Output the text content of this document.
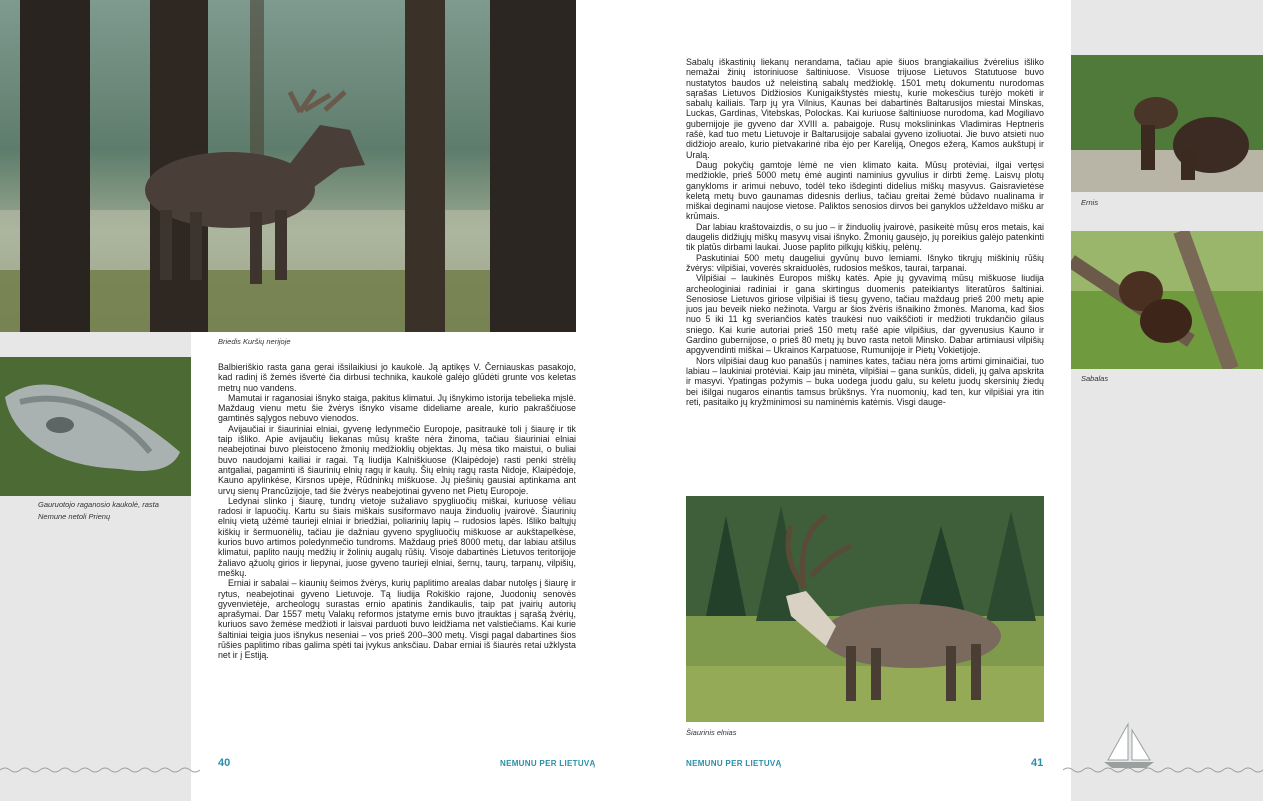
Briedis Kuršių nerijoje
Gauruotojo raganosio kaukolė, rasta
Nemune netoli Prienų

Balbieriškio rasta gana gerai išsilaikiusi jo kaukolė. Ją aptikęs V. Černiauskas pasakojo, kad radinį iš žemės išvertė čia dirbusi technika, kaukolė galėjo glūdėti grunte vos keletas metrų nuo vandens.

Mamutai ir raganosiai išnyko staiga, pakitus klimatui. Jų išnykimo istorija tebelieka mįslė. Maždaug vienu metu šie žvėrys išnyko visame dideliame areale, kurio pakraščiuose gamtinės sąlygos nebuvo vienodos.

Avijaučiai ir šiauriniai elniai, gyvenę ledynmečio Europoje, pasitraukė toli į šiaurę ir tik taip išliko. Apie avijaučių liekanas mūsų krašte nėra žinoma, tačiau šiauriniai elniai neabejotinai buvo pleistoceno žmonių medžioklių objektas. Jų mėsa tiko maistui, o buliai buvo naudojami kailiai ir ragai. Tą liudija Kalniškiuose (Klaipėdoje) rasti penki strėlių antgaliai, pagaminti iš šiaurinių elnių ragų ir kaulų. Šių elnių ragų rasta Nidoje, Klaipėdoje, Kauno apylinkėse, Kirsnos upėje, Rūdninkų miškuose. Jų piešinių gausiai aptinkama ant urvų sienų Prancūzijoje, tad šie žvėrys neabejotinai gyveno net Pietų Europoje.

Ledynai slinko į šiaurę, tundrų vietoje sužaliavo spygliuočių miškai, kuriuose vėliau radosi ir lapuočių. Kartu su šiais miškais susiformavo nauja žinduolių įvairovė. Šiaurinių elnių vietą užėmė taurieji elniai ir briedžiai, poliarinių lapių – rudosios lapės. Išliko baltųjų kiškių ir šermuonėlių, tačiau jie dažniau gyveno spygliuočių miškuose ar aukštapelkėse, kurios buvo artimos poledynmečio tundroms. Maždaug prieš 8000 metų, dar labiau atšilus klimatui, paplito naujų medžių ir žolinių augalų rūšių. Visoje dabartinės Lietuvos teritorijoje žaliavo ąžuolų girios ir liepynai, juose gyveno taurieji elniai, šernų, taurų, tarpanų, vilpišių, meškų.

Erniai ir sabalai – kiaunių šeimos žvėrys, kurių paplitimo arealas dabar nutolęs į šiaurę ir rytus, neabejotinai gyveno Lietuvoje. Tą liudija Rokiškio rajone, Juodonių senovės gyvenvietėje, archeologų surastas ernio apatinis žandikaulis, taip pat įvairių autorių aprašymai. Dar 1557 metų Valakų reformos įstatyme ernis buvo įtrauktas į sąrašą žvėrių, kuriuos savo žemėse medžioti ir laisvai parduoti buvo leidžiama net valstiečiams. Kai kurie šaltiniai teigia juos išnykus neseniai – vos prieš 200–300 metų. Visgi pagal dabartines šios rūšies paplitimo ribas galima spėti tai įvykus anksčiau. Dabar erniai iš šiaurės retai užklysta net ir į Estiją.

Sabalų iškastinių liekanų nerandama, tačiau apie šiuos brangiakailius žvėrelius išliko nemažai žinių istoriniuose šaltiniuose. Visuose trijuose Lietuvos Statutuose buvo nustatytos baudos už neleistiną sabalų medžioklę. 1501 metų dokumentu nurodomas sąrašas Lietuvos Didžiosios Kunigaikštystės miestų, kurie mokesčius turėjo mokėti ir sabalų kailiais. Tarp jų yra Vilnius, Kaunas bei dabartinės Baltarusijos miestai Minskas, Luckas, Gardinas, Vitebskas, Polockas. Kai kuriuose šaltiniuose nurodoma, kad Mogiliavo gubernijoje jie gyveno dar XVIII a. pabaigoje. Rusų mokslininkas Vladimiras Heptneris rašė, kad tuo metu Lietuvoje ir Baltarusijoje sabalai gyveno izoliuotai. Jie buvo atsieti nuo didžiojo arealo, kurio pietvakarinė riba ėjo per Kareliją, Onegos ežerą, Kamos aukštupį ir Uralą.

Daug pokyčių gamtoje lėmė ne vien klimato kaita. Mūsų protėviai, ilgai vertęsi medžiokle, prieš 5000 metų ėmė auginti naminius gyvulius ir dirbti žemę. Laisvų plotų ganykloms ir arimui nebuvo, todėl teko išdeginti didelius miškų masyvus. Gaisravietėse keletą metų buvo gaunamas didesnis derlius, tačiau greitai žemė būdavo nualinama ir miškai deginami naujose vietose. Paliktos senosios dirvos bei ganyklos užželdavo mišku ar krūmais.

Dar labiau kraštovaizdis, o su juo – ir žinduolių įvairovė, pasikeitė mūsų eros metais, kai daugelis didžiųjų miškų masyvų visai išnyko. Žmonių gausėjo, jų poreikius galėjo patenkinti tik platūs dirbami laukai. Juose paplito pilkųjų kiškių, pelėnų.

Paskutiniai 500 metų daugeliui gyvūnų buvo lemiami. Išnyko tikrųjų miškinių rūšių žvėrys: vilpišiai, voverės skraiduolės, rudosios meškos, taurai, tarpanai.

Vilpišiai – laukinės Europos miškų katės. Apie jų gyvavimą mūsų miškuose liudija archeologiniai radiniai ir gana skirtingus duomenis pateikiantys literatūros šaltiniai. Senosiose Lietuvos giriose vilpišiai iš tiesų gyveno, tačiau maždaug prieš 200 metų apie juos jau beveik nieko nežinota. Vargu ar šios žvėris išnaikino žmonės. Manoma, kad šios nuo 5 iki 11 kg sveriančios katės traukėsi nuo vaikščioti ir medžioti trukdančio gilaus sniego. Kai kurie autoriai prieš 150 metų rašė apie vilpišius, dar gyvenusius Kauno ir Gardino gubernijose, o prieš 80 metų jų buvo rasta netoli Minsko. Dabar artimiausi vilpišių apgyvendinti miškai – Ukrainos Karpatuose, Rumunijoje ir Pietų Vokietijoje.

Nors vilpišiai daug kuo panašūs į namines kates, tačiau nėra joms artimi giminaičiai, tuo labiau – laukiniai protėviai. Kaip jau minėta, vilpišiai – gana sunkūs, dideli, jų galva apskrita ir masyvi. Ypatingas požymis – buka uodega juodu galu, su keletu juodų skersinių žiedų bei išilgai nugaros einantis tamsus brūkšnys. Yra nuomonių, kad ten, kur vilpišiai yra itin reti, pasitaiko jų kryžminimosi su naminėmis katėmis. Visgi dauge-

Šiaurinis elnias
Ernis
Sabalas
40	NEMUNU PER LIETUVĄ	NEMUNU PER LIETUVĄ	41
